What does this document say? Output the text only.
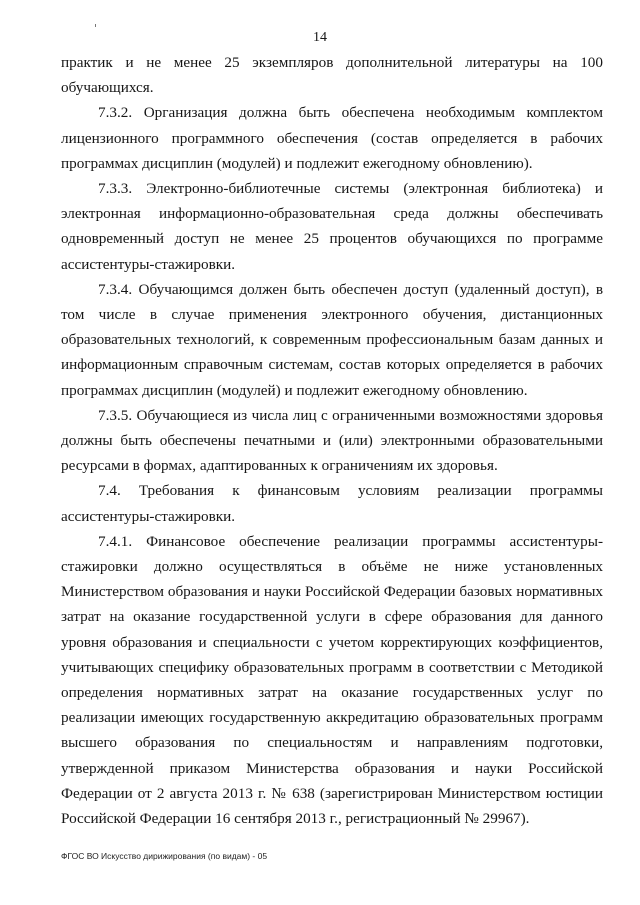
14

практик и не менее 25 экземпляров дополнительной литературы на 100 обучающихся.

7.3.2. Организация должна быть обеспечена необходимым комплектом лицензионного программного обеспечения (состав определяется в рабочих программах дисциплин (модулей) и подлежит ежегодному обновлению).

7.3.3. Электронно-библиотечные системы (электронная библиотека) и электронная информационно-образовательная среда должны обеспечивать одновременный доступ не менее 25 процентов обучающихся по программе ассистентуры-стажировки.

7.3.4. Обучающимся должен быть обеспечен доступ (удаленный доступ), в том числе в случае применения электронного обучения, дистанционных образовательных технологий, к современным профессиональным базам данных и информационным справочным системам, состав которых определяется в рабочих программах дисциплин (модулей) и подлежит ежегодному обновлению.

7.3.5. Обучающиеся из числа лиц с ограниченными возможностями здоровья должны быть обеспечены печатными и (или) электронными образовательными ресурсами в формах, адаптированных к ограничениям их здоровья.

7.4. Требования к финансовым условиям реализации программы ассистентуры-стажировки.

7.4.1. Финансовое обеспечение реализации программы ассистентуры-стажировки должно осуществляться в объёме не ниже установленных Министерством образования и науки Российской Федерации базовых нормативных затрат на оказание государственной услуги в сфере образования для данного уровня образования и специальности с учетом корректирующих коэффициентов, учитывающих специфику образовательных программ в соответствии с Методикой определения нормативных затрат на оказание государственных услуг по реализации имеющих государственную аккредитацию образовательных программ высшего образования по специальностям и направлениям подготовки, утвержденной приказом Министерства образования и науки Российской Федерации от 2 августа 2013 г. № 638 (зарегистрирован Министерством юстиции Российской Федерации 16 сентября 2013 г., регистрационный № 29967).

ФГОС ВО Искусство дирижирования (по видам) - 05
